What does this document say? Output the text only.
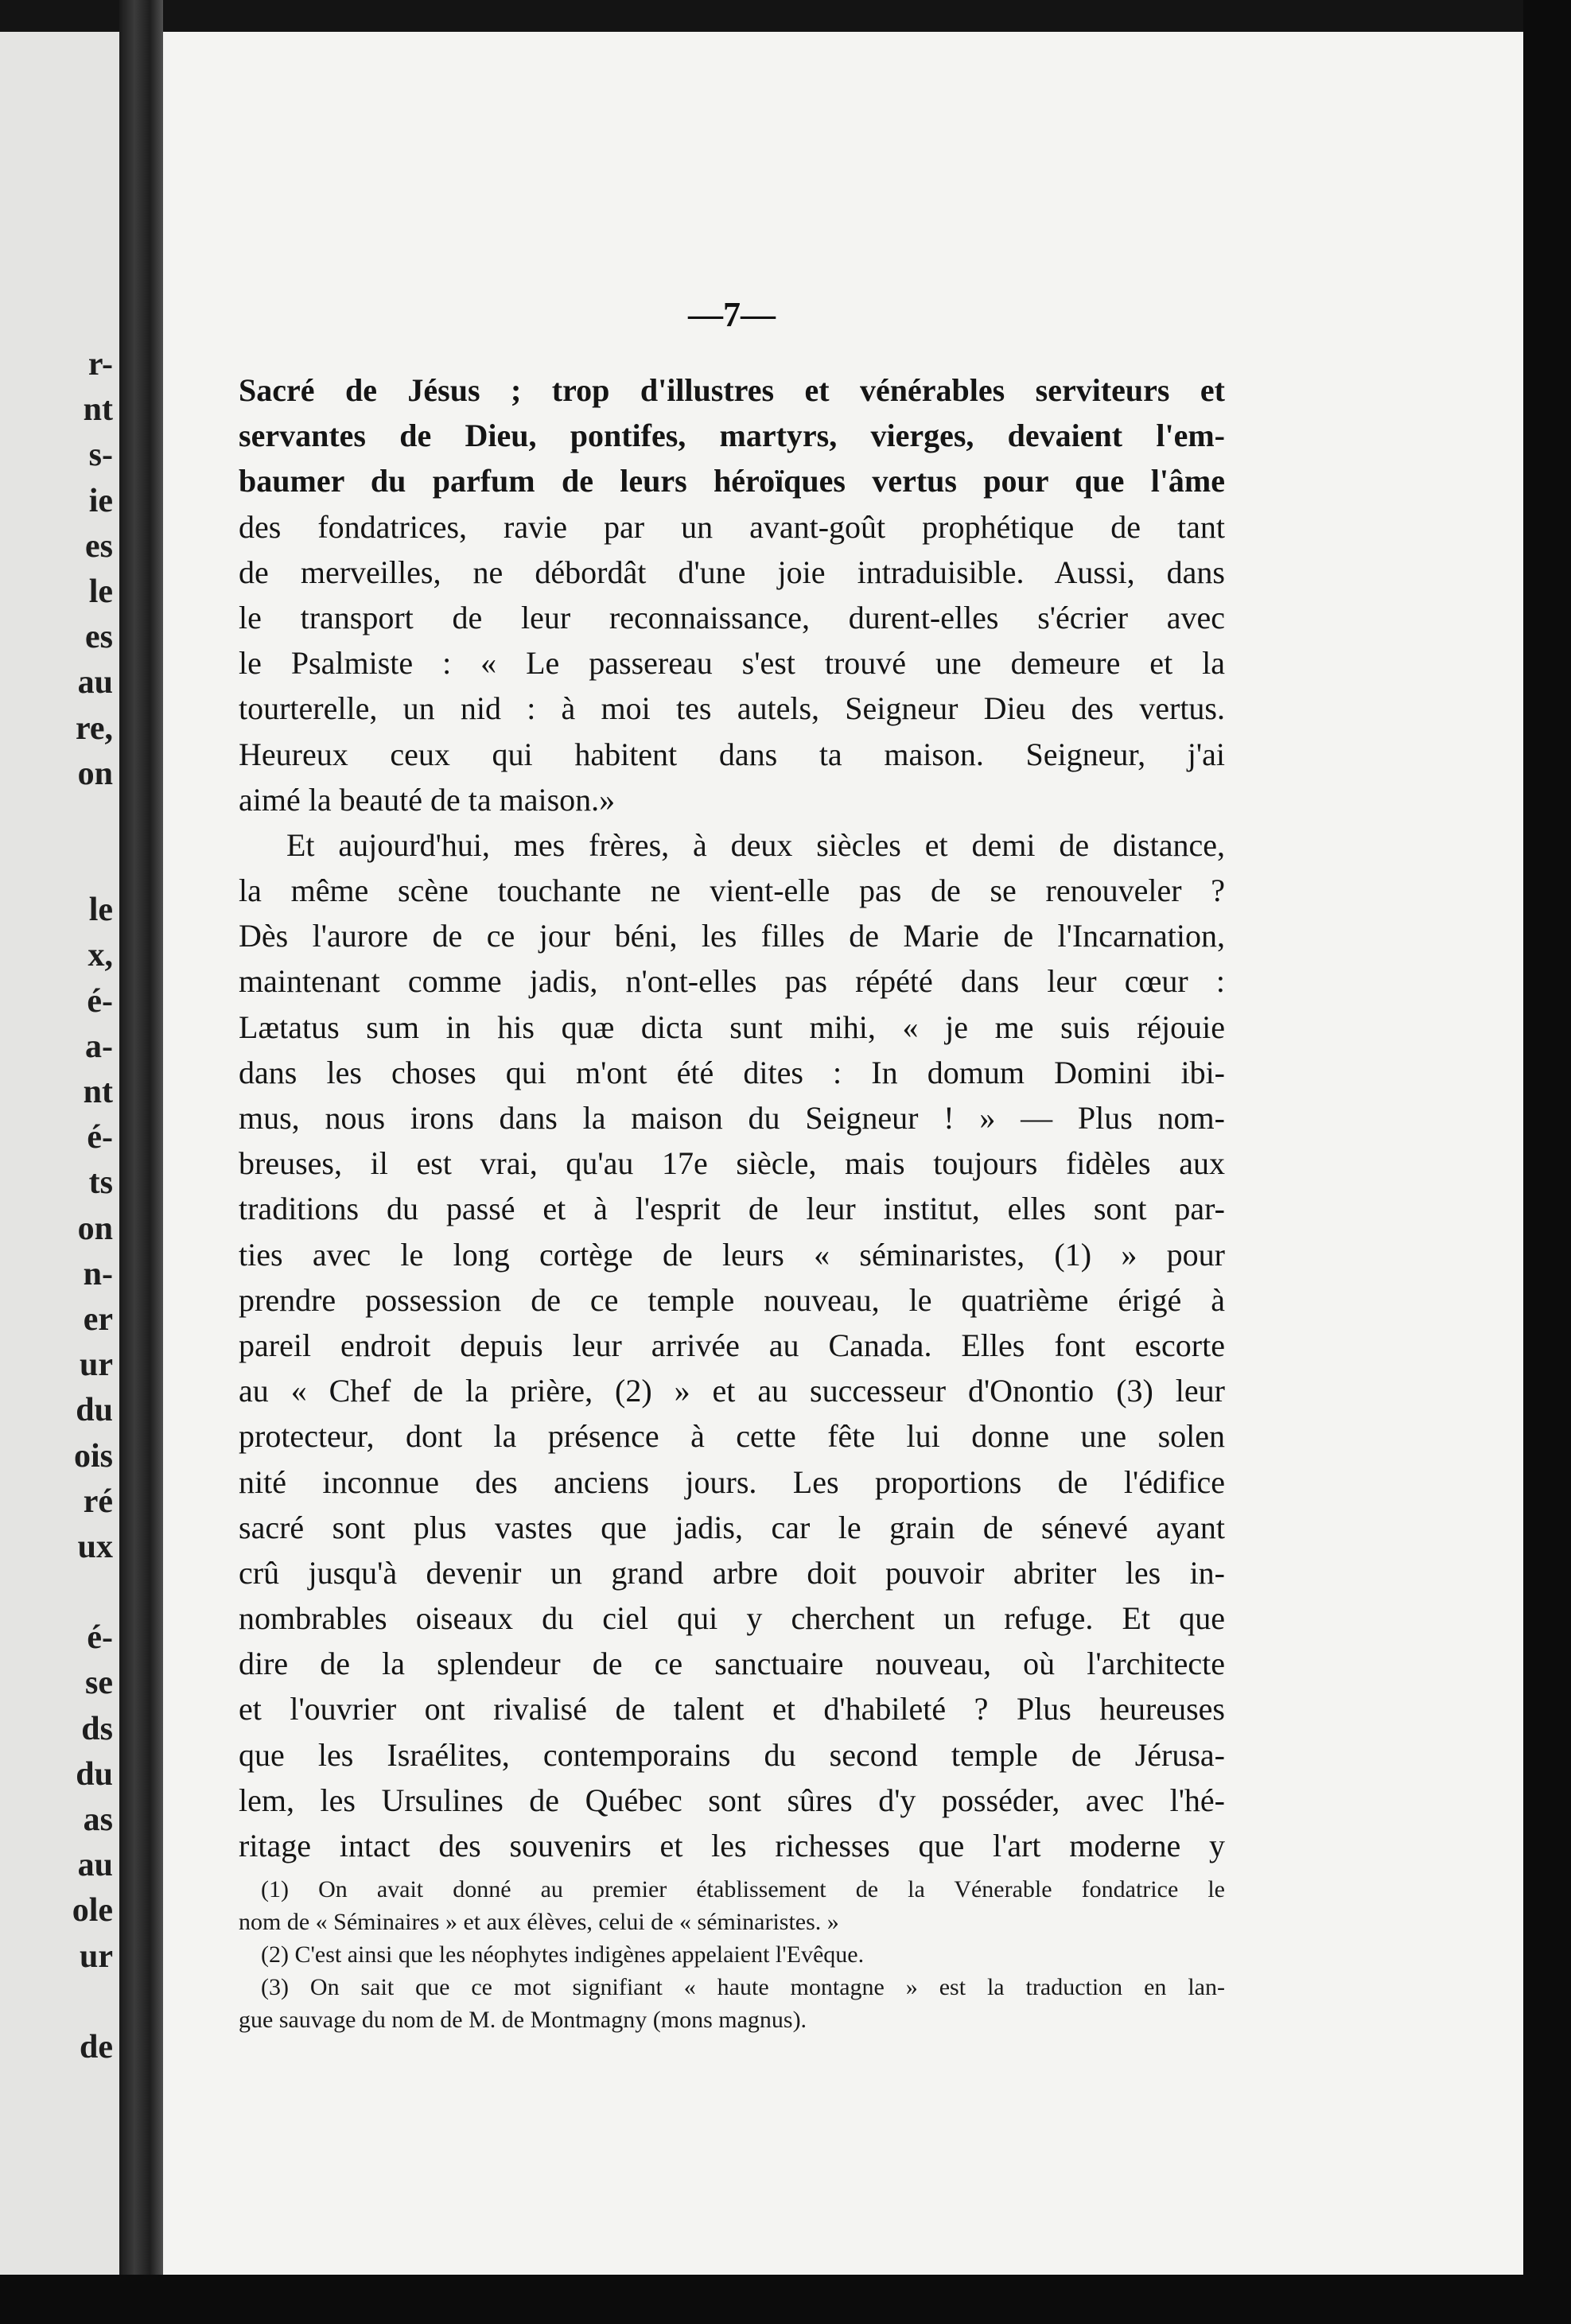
r-
nt
s-
ie
es
le
es
au
re,
on
le
x,
é-
a-
nt
é-
ts
on
n-
er
ur
du
ois
ré
ux
é-
se
ds
du
as
au
ole
ur
de
—7—
Sacré de Jésus ; trop d'illustres et vénérables serviteurs et
servantes de Dieu, pontifes, martyrs, vierges, devaient l'em-
baumer du parfum de leurs héroïques vertus pour que l'âme
des fondatrices, ravie par un avant-goût prophétique de tant
de merveilles, ne débordât d'une joie intraduisible. Aussi, dans
le transport de leur reconnaissance, durent-elles s'écrier avec
le Psalmiste : « Le passereau s'est trouvé une demeure et la
tourterelle, un nid : à moi tes autels, Seigneur Dieu des vertus.
Heureux ceux qui habitent dans ta maison. Seigneur, j'ai
aimé la beauté de ta maison.»
Et aujourd'hui, mes frères, à deux siècles et demi de distance,
la même scène touchante ne vient-elle pas de se renouveler ?
Dès l'aurore de ce jour béni, les filles de Marie de l'Incarnation,
maintenant comme jadis, n'ont-elles pas répété dans leur cœur :
Lætatus sum in his quæ dicta sunt mihi, « je me suis réjouie
dans les choses qui m'ont été dites : In domum Domini ibi-
mus, nous irons dans la maison du Seigneur ! » — Plus nom-
breuses, il est vrai, qu'au 17e siècle, mais toujours fidèles aux
traditions du passé et à l'esprit de leur institut, elles sont par-
ties avec le long cortège de leurs « séminaristes, (1) » pour
prendre possession de ce temple nouveau, le quatrième érigé à
pareil endroit depuis leur arrivée au Canada. Elles font escorte
au « Chef de la prière, (2) » et au successeur d'Onontio (3) leur
protecteur, dont la présence à cette fête lui donne une solen
nité inconnue des anciens jours. Les proportions de l'édifice
sacré sont plus vastes que jadis, car le grain de sénevé ayant
crû jusqu'à devenir un grand arbre doit pouvoir abriter les in-
nombrables oiseaux du ciel qui y cherchent un refuge. Et que
dire de la splendeur de ce sanctuaire nouveau, où l'architecte
et l'ouvrier ont rivalisé de talent et d'habileté ? Plus heureuses
que les Israélites, contemporains du second temple de Jérusa-
lem, les Ursulines de Québec sont sûres d'y posséder, avec l'hé-
ritage intact des souvenirs et les richesses que l'art moderne y
(1) On avait donné au premier établissement de la Vénerable fondatrice le
nom de « Séminaires » et aux élèves, celui de « séminaristes. »
(2) C'est ainsi que les néophytes indigènes appelaient l'Evêque.
(3) On sait que ce mot signifiant « haute montagne » est la traduction en lan-
gue sauvage du nom de M. de Montmagny (mons magnus).
